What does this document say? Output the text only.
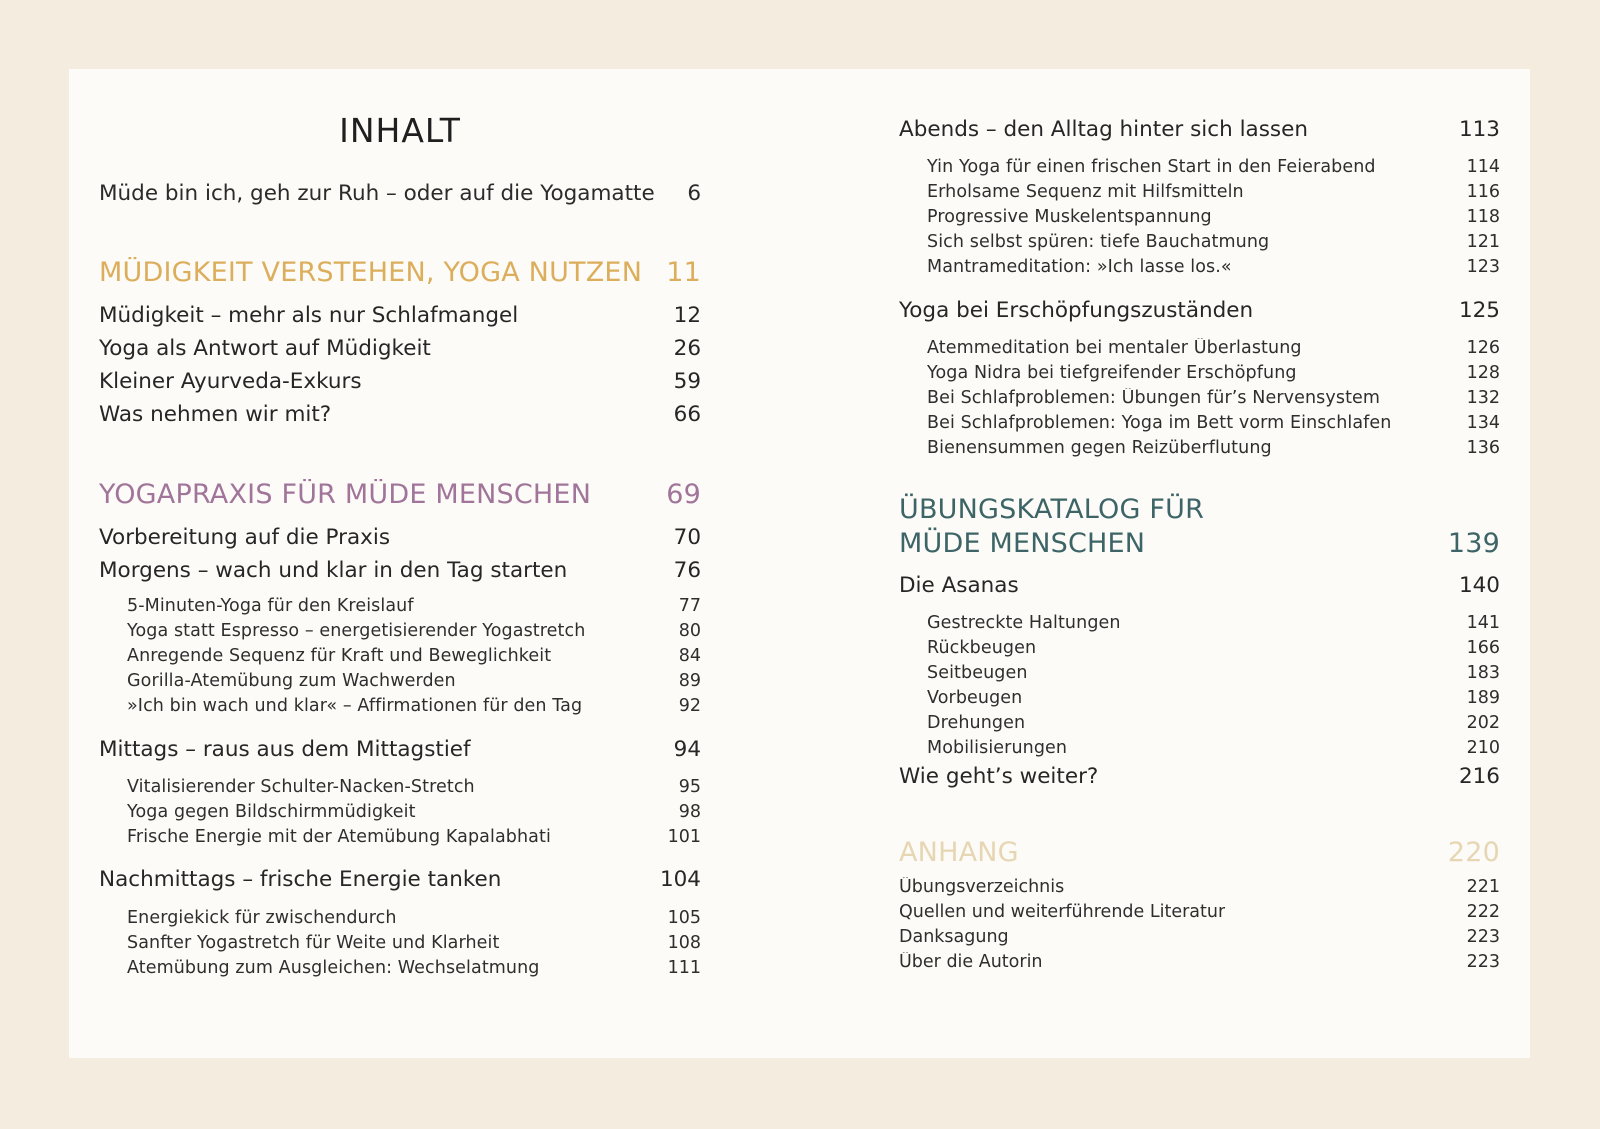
INHALT
Müde bin ich, geh zur Ruh – oder auf die Yogamatte 6
MÜDIGKEIT VERSTEHEN, YOGA NUTZEN 11
Müdigkeit – mehr als nur Schlafmangel	12
Yoga als Antwort auf Müdigkeit	26
Kleiner Ayurveda-Exkurs	59
Was nehmen wir mit?	66
YOGAPRAXIS FÜR MÜDE MENSCHEN	69
Vorbereitung auf die Praxis	70
Morgens – wach und klar in den Tag starten	76
5-Minuten-Yoga für den Kreislauf	77
Yoga statt Espresso – energetisierender Yogastretch	80
Anregende Sequenz für Kraft und Beweglichkeit	84
Gorilla-Atemübung zum Wachwerden	89
»Ich bin wach und klar« – Affirmationen für den Tag	92
Mittags – raus aus dem Mittagstief	94
Vitalisierender Schulter-Nacken-Stretch	95
Yoga gegen Bildschirmmüdigkeit	98
Frische Energie mit der Atemübung Kapalabhati	101
Nachmittags – frische Energie tanken	104
Energiekick für zwischendurch	105
Sanfter Yogastretch für Weite und Klarheit	108
Atemübung zum Ausgleichen: Wechselatmung	111
Abends – den Alltag hinter sich lassen	113
Yin Yoga für einen frischen Start in den Feierabend	114
Erholsame Sequenz mit Hilfsmitteln	116
Progressive Muskelentspannung	118
Sich selbst spüren: tiefe Bauchatmung	121
Mantrameditation: »Ich lasse los.«	123
Yoga bei Erschöpfungszuständen	125
Atemmeditation bei mentaler Überlastung	126
Yoga Nidra bei tiefgreifender Erschöpfung	128
Bei Schlafproblemen: Übungen für’s Nervensystem	132
Bei Schlafproblemen: Yoga im Bett vorm Einschlafen	134
Bienensummen gegen Reizüberflutung	136
ÜBUNGSKATALOG FÜR
MÜDE MENSCHEN	139
Die Asanas	140
Gestreckte Haltungen	141
Rückbeugen	166
Seitbeugen	183
Vorbeugen	189
Drehungen	202
Mobilisierungen	210
Wie geht’s weiter?	216
ANHANG	220
Übungsverzeichnis	221
Quellen und weiterführende Literatur	222
Danksagung	223
Über die Autorin	223
